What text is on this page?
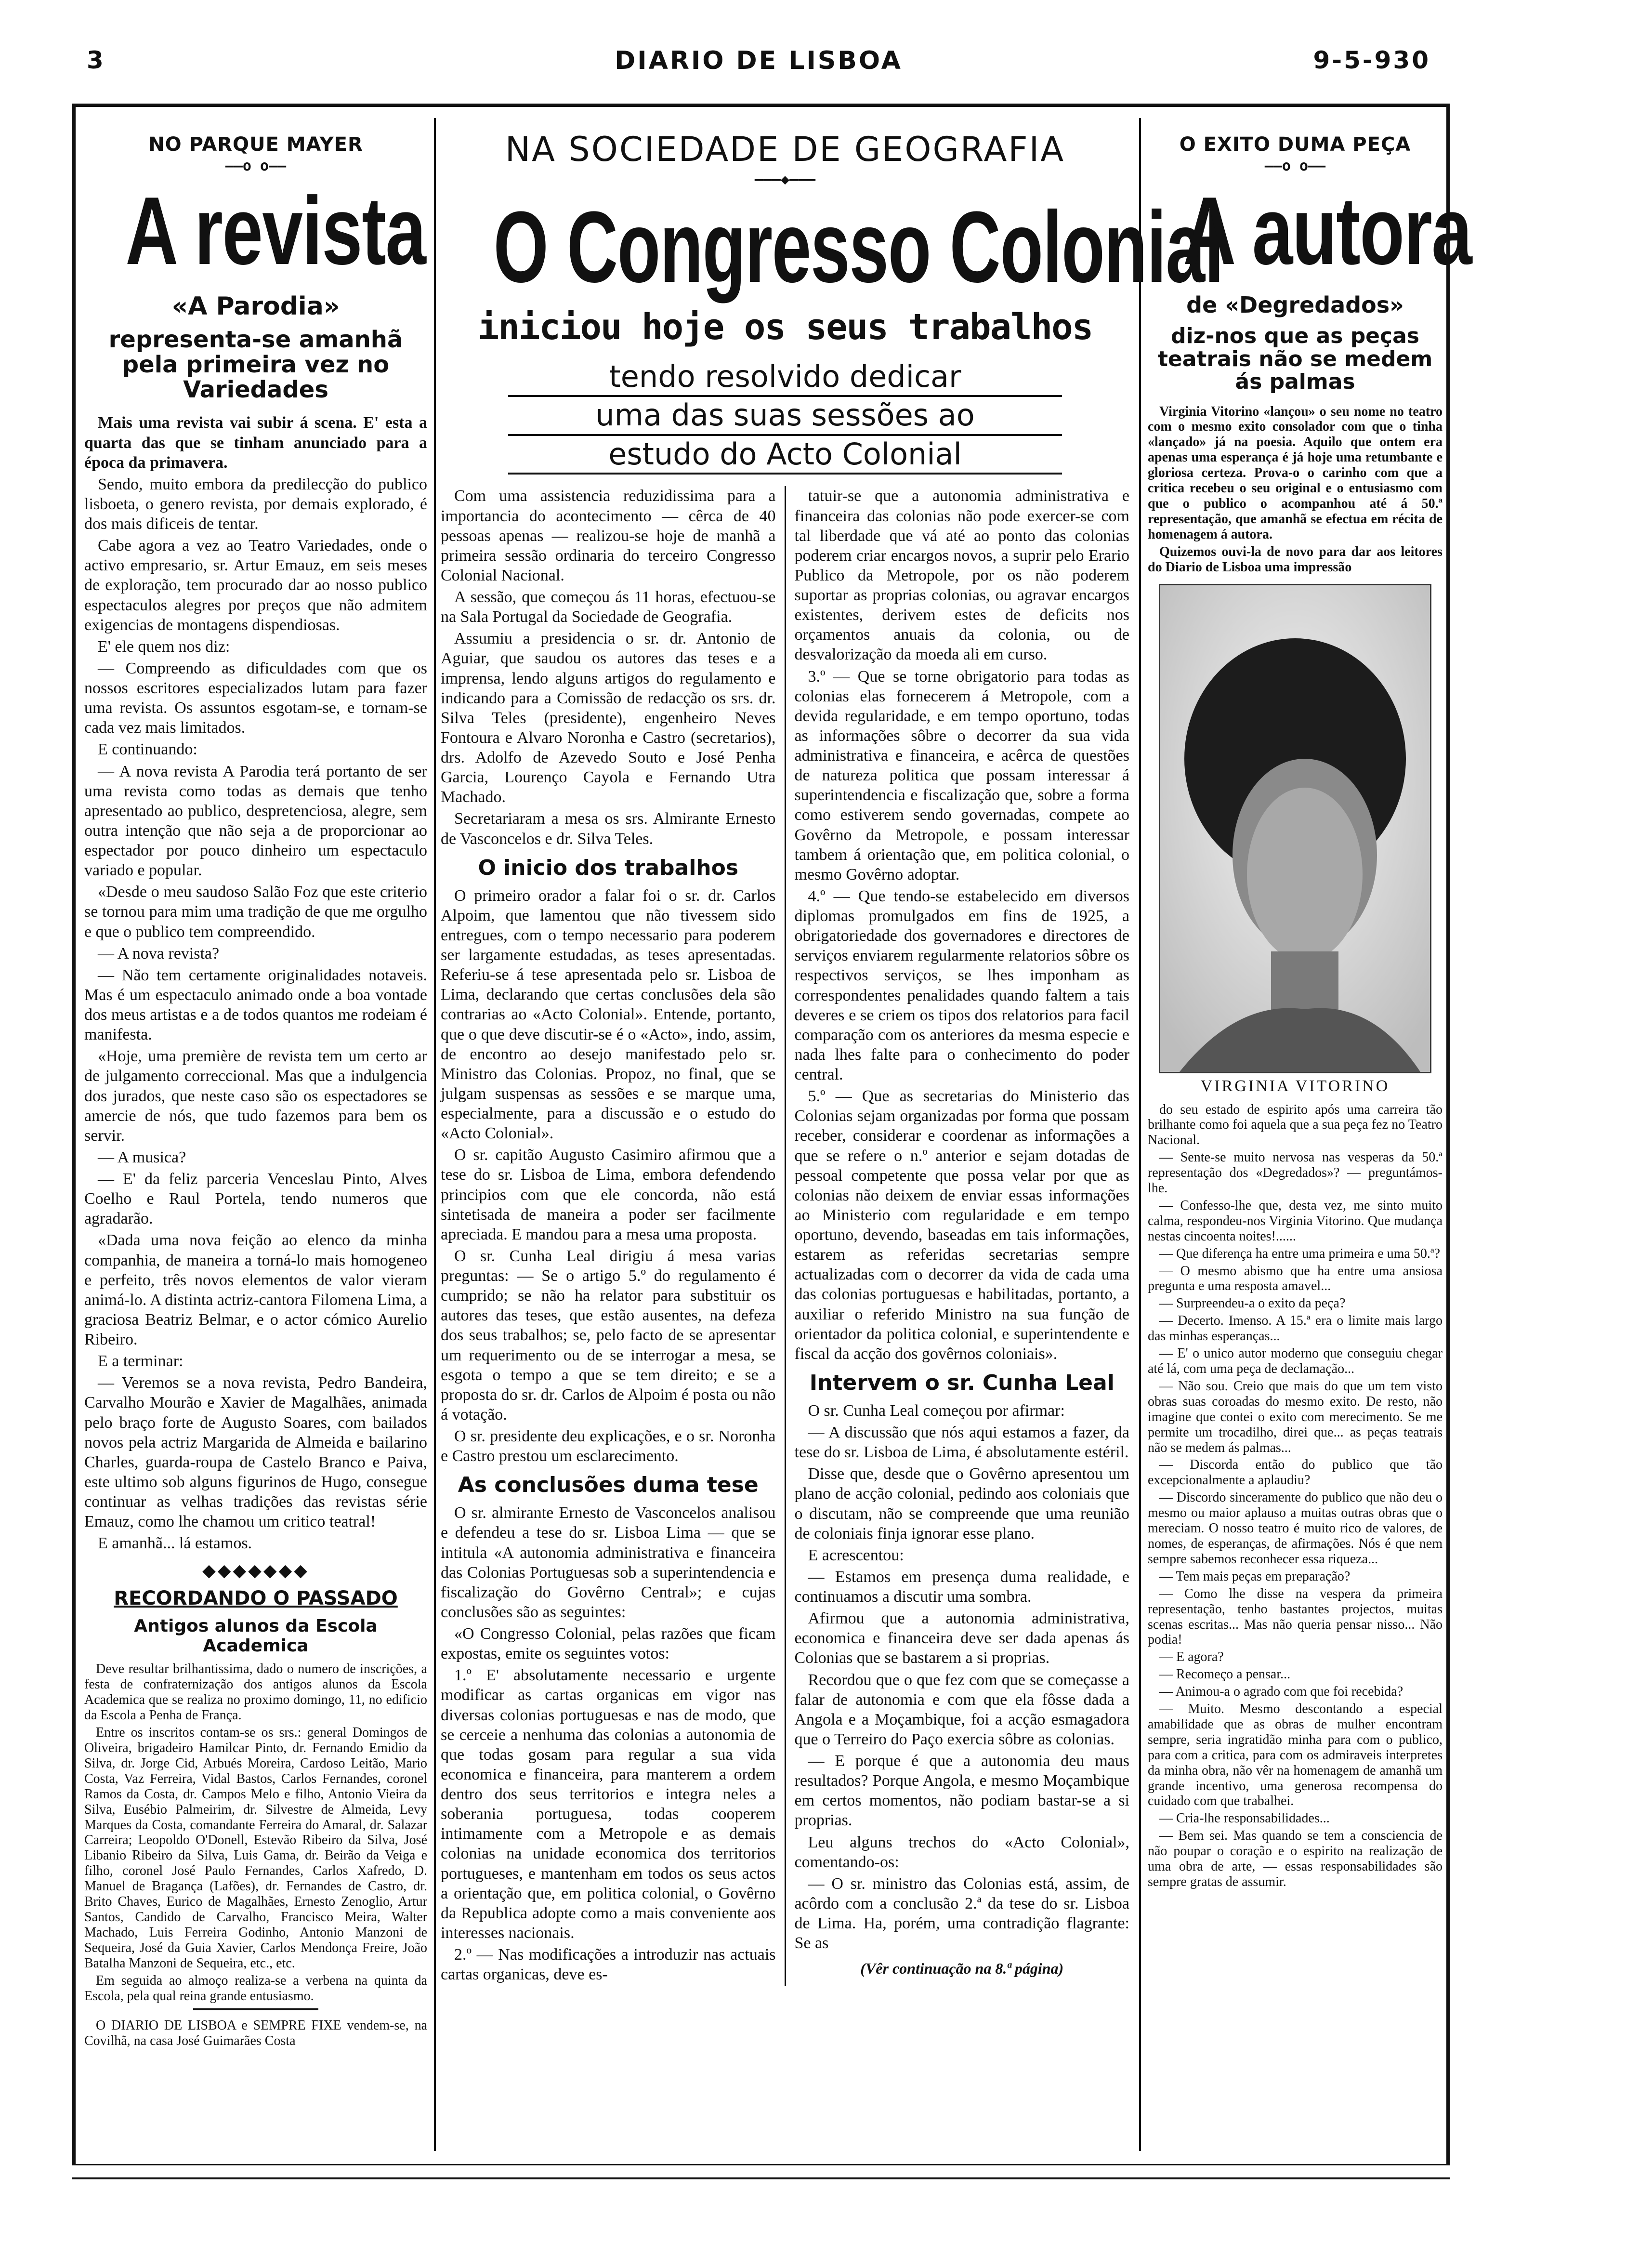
3	DIARIO DE LISBOA	9-5-930
NO PARQUE MAYER
——o o——
A revista
«A Parodia»
representa-se amanhã pela primeira vez no Variedades

Mais uma revista vai subir á scena. E' esta a quarta das que se tinham anunciado para a época da primavera.

Sendo, muito embora da predilecção do publico lisboeta, o genero revista, por demais explorado, é dos mais dificeis de tentar.

Cabe agora a vez ao Teatro Variedades, onde o activo empresario, sr. Artur Emauz, em seis meses de exploração, tem procurado dar ao nosso publico espectaculos alegres por preços que não admitem exigencias de montagens dispendiosas.

E' ele quem nos diz:

— Compreendo as dificuldades com que os nossos escritores especializados lutam para fazer uma revista. Os assuntos esgotam-se, e tornam-se cada vez mais limitados.

E continuando:

— A nova revista A Parodia terá portanto de ser uma revista como todas as demais que tenho apresentado ao publico, despretenciosa, alegre, sem outra intenção que não seja a de proporcionar ao espectador por pouco dinheiro um espectaculo variado e popular.

«Desde o meu saudoso Salão Foz que este criterio se tornou para mim uma tradição de que me orgulho e que o publico tem compreendido.

— A nova revista?

— Não tem certamente originalidades notaveis. Mas é um espectaculo animado onde a boa vontade dos meus artistas e a de todos quantos me rodeiam é manifesta.

«Hoje, uma première de revista tem um certo ar de julgamento correccional. Mas que a indulgencia dos jurados, que neste caso são os espectadores se amercie de nós, que tudo fazemos para bem os servir.

— A musica?

— E' da feliz parceria Venceslau Pinto, Alves Coelho e Raul Portela, tendo numeros que agradarão.

«Dada uma nova feição ao elenco da minha companhia, de maneira a torná-lo mais homogeneo e perfeito, três novos elementos de valor vieram animá-lo. A distinta actriz-cantora Filomena Lima, a graciosa Beatriz Belmar, e o actor cómico Aurelio Ribeiro.

E a terminar:

— Veremos se a nova revista, Pedro Bandeira, Carvalho Mourão e Xavier de Magalhães, animada pelo braço forte de Augusto Soares, com bailados novos pela actriz Margarida de Almeida e bailarino Charles, guarda-roupa de Castelo Branco e Paiva, este ultimo sob alguns figurinos de Hugo, consegue continuar as velhas tradições das revistas série Emauz, como lhe chamou um critico teatral!

E amanhã... lá estamos.

◆◆◆◆◆◆◆
RECORDANDO O PASSADO
Antigos alunos da Escola Academica

Deve resultar brilhantissima, dado o numero de inscrições, a festa de confraternização dos antigos alunos da Escola Academica que se realiza no proximo domingo, 11, no edificio da Escola a Penha de França.

Entre os inscritos contam-se os srs.: general Domingos de Oliveira, brigadeiro Hamilcar Pinto, dr. Fernando Emidio da Silva, dr. Jorge Cid, Arbués Moreira, Cardoso Leitão, Mario Costa, Vaz Ferreira, Vidal Bastos, Carlos Fernandes, coronel Ramos da Costa, dr. Campos Melo e filho, Antonio Vieira da Silva, Eusébio Palmeirim, dr. Silvestre de Almeida, Levy Marques da Costa, comandante Ferreira do Amaral, dr. Salazar Carreira; Leopoldo O'Donell, Estevão Ribeiro da Silva, José Libanio Ribeiro da Silva, Luis Gama, dr. Beirão da Veiga e filho, coronel José Paulo Fernandes, Carlos Xafredo, D. Manuel de Bragança (Lafões), dr. Fernandes de Castro, dr. Brito Chaves, Eurico de Magalhães, Ernesto Zenoglio, Artur Santos, Candido de Carvalho, Francisco Meira, Walter Machado, Luis Ferreira Godinho, Antonio Manzoni de Sequeira, José da Guia Xavier, Carlos Mendonça Freire, João Batalha Manzoni de Sequeira, etc., etc.

Em seguida ao almoço realiza-se a verbena na quinta da Escola, pela qual reina grande entusiasmo.

O DIARIO DE LISBOA e SEMPRE FIXE vendem-se, na Covilhã, na casa José Guimarães Costa

NA SOCIEDADE DE GEOGRAFIA
———◆———
O Congresso Colonial
iniciou hoje os seus trabalhos
tendo resolvido dedicar
uma das suas sessões ao
estudo do Acto Colonial

Com uma assistencia reduzidissima para a importancia do acontecimento — cêrca de 40 pessoas apenas — realizou-se hoje de manhã a primeira sessão ordinaria do terceiro Congresso Colonial Nacional.

A sessão, que começou ás 11 horas, efectuou-se na Sala Portugal da Sociedade de Geografia.

Assumiu a presidencia o sr. dr. Antonio de Aguiar, que saudou os autores das teses e a imprensa, lendo alguns artigos do regulamento e indicando para a Comissão de redacção os srs. dr. Silva Teles (presidente), engenheiro Neves Fontoura e Alvaro Noronha e Castro (secretarios), drs. Adolfo de Azevedo Souto e José Penha Garcia, Lourenço Cayola e Fernando Utra Machado.

Secretariaram a mesa os srs. Almirante Ernesto de Vasconcelos e dr. Silva Teles.

O inicio dos trabalhos

O primeiro orador a falar foi o sr. dr. Carlos Alpoim, que lamentou que não tivessem sido entregues, com o tempo necessario para poderem ser largamente estudadas, as teses apresentadas. Referiu-se á tese apresentada pelo sr. Lisboa de Lima, declarando que certas conclusões dela são contrarias ao «Acto Colonial». Entende, portanto, que o que deve discutir-se é o «Acto», indo, assim, de encontro ao desejo manifestado pelo sr. Ministro das Colonias. Propoz, no final, que se julgam suspensas as sessões e se marque uma, especialmente, para a discussão e o estudo do «Acto Colonial».

O sr. capitão Augusto Casimiro afirmou que a tese do sr. Lisboa de Lima, embora defendendo principios com que ele concorda, não está sintetisada de maneira a poder ser facilmente apreciada. E mandou para a mesa uma proposta.

O sr. Cunha Leal dirigiu á mesa varias preguntas: — Se o artigo 5.º do regulamento é cumprido; se não ha relator para substituir os autores das teses, que estão ausentes, na defeza dos seus trabalhos; se, pelo facto de se apresentar um requerimento ou de se interrogar a mesa, se esgota o tempo a que se tem direito; e se a proposta do sr. dr. Carlos de Alpoim é posta ou não á votação.

O sr. presidente deu explicações, e o sr. Noronha e Castro prestou um esclarecimento.

As conclusões duma tese

O sr. almirante Ernesto de Vasconcelos analisou e defendeu a tese do sr. Lisboa Lima — que se intitula «A autonomia administrativa e financeira das Colonias Portuguesas sob a superintendencia e fiscalização do Govêrno Central»; e cujas conclusões são as seguintes:

«O Congresso Colonial, pelas razões que ficam expostas, emite os seguintes votos:

1.º E' absolutamente necessario e urgente modificar as cartas organicas em vigor nas diversas colonias portuguesas e nas de modo, que se cerceie a nenhuma das colonias a autonomia de que todas gosam para regular a sua vida economica e financeira, para manterem a ordem dentro dos seus territorios e integra neles a soberania portuguesa, todas cooperem intimamente com a Metropole e as demais colonias na unidade economica dos territorios portugueses, e mantenham em todos os seus actos a orientação que, em politica colonial, o Govêrno da Republica adopte como a mais conveniente aos interesses nacionais.

2.º — Nas modificações a introduzir nas actuais cartas organicas, deve es-

tatuir-se que a autonomia administrativa e financeira das colonias não pode exercer-se com tal liberdade que vá até ao ponto das colonias poderem criar encargos novos, a suprir pelo Erario Publico da Metropole, por os não poderem suportar as proprias colonias, ou agravar encargos existentes, derivem estes de deficits nos orçamentos anuais da colonia, ou de desvalorização da moeda ali em curso.

3.º — Que se torne obrigatorio para todas as colonias elas fornecerem á Metropole, com a devida regularidade, e em tempo oportuno, todas as informações sôbre o decorrer da sua vida administrativa e financeira, e acêrca de questões de natureza politica que possam interessar á superintendencia e fiscalização que, sobre a forma como estiverem sendo governadas, compete ao Govêrno da Metropole, e possam interessar tambem á orientação que, em politica colonial, o mesmo Govêrno adoptar.

4.º — Que tendo-se estabelecido em diversos diplomas promulgados em fins de 1925, a obrigatoriedade dos governadores e directores de serviços enviarem regularmente relatorios sôbre os respectivos serviços, se lhes imponham as correspondentes penalidades quando faltem a tais deveres e se criem os tipos dos relatorios para facil comparação com os anteriores da mesma especie e nada lhes falte para o conhecimento do poder central.

5.º — Que as secretarias do Ministerio das Colonias sejam organizadas por forma que possam receber, considerar e coordenar as informações a que se refere o n.º anterior e sejam dotadas de pessoal competente que possa velar por que as colonias não deixem de enviar essas informações ao Ministerio com regularidade e em tempo oportuno, devendo, baseadas em tais informações, estarem as referidas secretarias sempre actualizadas com o decorrer da vida de cada uma das colonias portuguesas e habilitadas, portanto, a auxiliar o referido Ministro na sua função de orientador da politica colonial, e superintendente e fiscal da acção dos govêrnos coloniais».

Intervem o sr. Cunha Leal

O sr. Cunha Leal começou por afirmar:

— A discussão que nós aqui estamos a fazer, da tese do sr. Lisboa de Lima, é absolutamente estéril.

Disse que, desde que o Govêrno apresentou um plano de acção colonial, pedindo aos coloniais que o discutam, não se compreende que uma reunião de coloniais finja ignorar esse plano.

E acrescentou:

— Estamos em presença duma realidade, e continuamos a discutir uma sombra.

Afirmou que a autonomia administrativa, economica e financeira deve ser dada apenas ás Colonias que se bastarem a si proprias.

Recordou que o que fez com que se começasse a falar de autonomia e com que ela fôsse dada a Angola e a Moçambique, foi a acção esmagadora que o Terreiro do Paço exercia sôbre as colonias.

— E porque é que a autonomia deu maus resultados? Porque Angola, e mesmo Moçambique em certos momentos, não podiam bastar-se a si proprias.

Leu alguns trechos do «Acto Colonial», comentando-os:

— O sr. ministro das Colonias está, assim, de acôrdo com a conclusão 2.ª da tese do sr. Lisboa de Lima. Ha, porém, uma contradição flagrante: Se as

(Vêr continuação na 8.ª página)
O EXITO DUMA PEÇA
——o o——
A autora
de «Degredados»
diz-nos que as peças teatrais não se medem ás palmas

Virginia Vitorino «lançou» o seu nome no teatro com o mesmo exito consolador com que o tinha «lançado» já na poesia. Aquilo que ontem era apenas uma esperança é já hoje uma retumbante e gloriosa certeza. Prova-o o carinho com que a critica recebeu o seu original e o entusiasmo com que o publico o acompanhou até á 50.ª representação, que amanhã se efectua em récita de homenagem á autora.

Quizemos ouvi-la de novo para dar aos leitores do Diario de Lisboa uma impressão

VIRGINIA VITORINO

do seu estado de espirito após uma carreira tão brilhante como foi aquela que a sua peça fez no Teatro Nacional.

— Sente-se muito nervosa nas vesperas da 50.ª representação dos «Degredados»? — preguntámos-lhe.

— Confesso-lhe que, desta vez, me sinto muito calma, respondeu-nos Virginia Vitorino. Que mudança nestas cincoenta noites!......

— Que diferença ha entre uma primeira e uma 50.ª?

— O mesmo abismo que ha entre uma ansiosa pregunta e uma resposta amavel...

— Surpreendeu-a o exito da peça?

— Decerto. Imenso. A 15.ª era o limite mais largo das minhas esperanças...

— E' o unico autor moderno que conseguiu chegar até lá, com uma peça de declamação...

— Não sou. Creio que mais do que um tem visto obras suas coroadas do mesmo exito. De resto, não imagine que contei o exito com merecimento. Se me permite um trocadilho, direi que... as peças teatrais não se medem ás palmas...

— Discorda então do publico que tão excepcionalmente a aplaudiu?

— Discordo sinceramente do publico que não deu o mesmo ou maior aplauso a muitas outras obras que o mereciam. O nosso teatro é muito rico de valores, de nomes, de esperanças, de afirmações. Nós é que nem sempre sabemos reconhecer essa riqueza...

— Tem mais peças em preparação?

— Como lhe disse na vespera da primeira representação, tenho bastantes projectos, muitas scenas escritas... Mas não queria pensar nisso... Não podia!

— E agora?

— Recomeço a pensar...

— Animou-a o agrado com que foi recebida?

— Muito. Mesmo descontando a especial amabilidade que as obras de mulher encontram sempre, seria ingratidão minha para com o publico, para com a critica, para com os admiraveis interpretes da minha obra, não vêr na homenagem de amanhã um grande incentivo, uma generosa recompensa do cuidado com que trabalhei.

— Cria-lhe responsabilidades...

— Bem sei. Mas quando se tem a consciencia de não poupar o coração e o espirito na realização de uma obra de arte, — essas responsabilidades são sempre gratas de assumir.
